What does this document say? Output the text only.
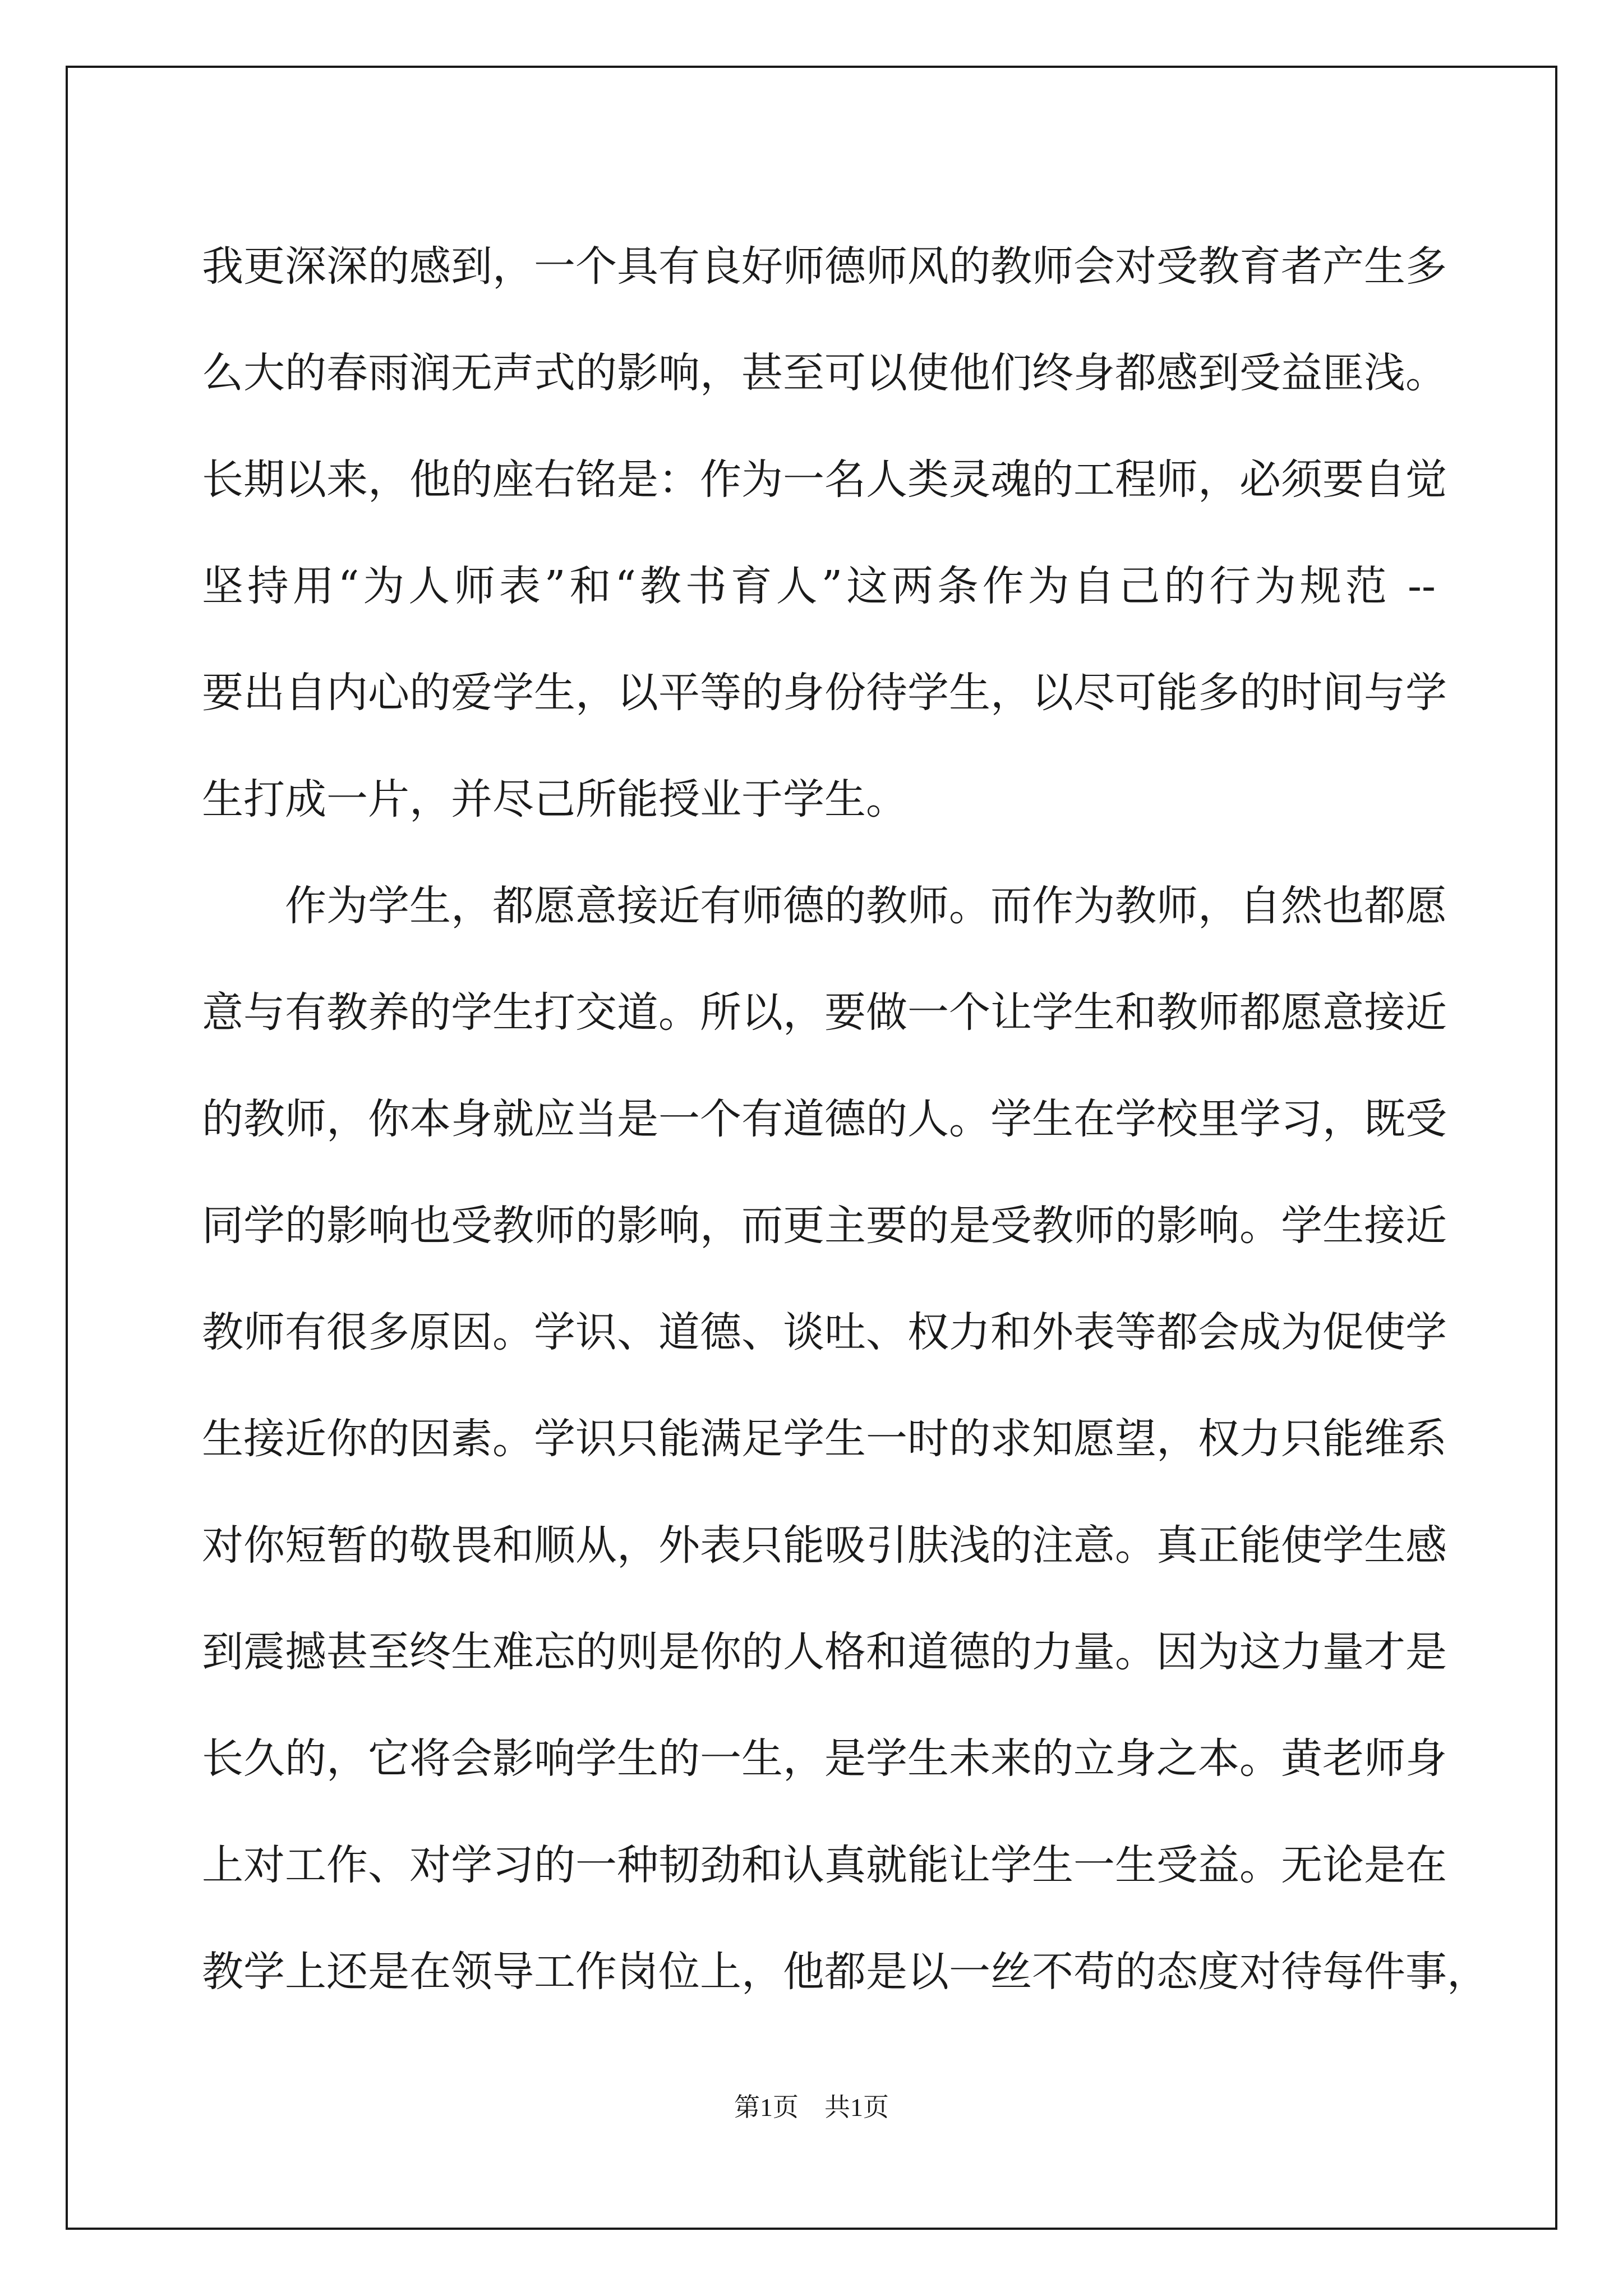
我更深深的感到，一个具有良好师德师风的教师会对受教育者产生多
么大的春雨润无声式的影响，甚至可以使他们终身都感到受益匪浅。
长期以来，他的座右铭是：作为一名人类灵魂的工程师，必须要自觉
坚持用“为人师表”和“教书育人”这两条作为自己的行为规范 --
要出自内心的爱学生，以平等的身份待学生，以尽可能多的时间与学
生打成一片，并尽己所能授业于学生。
　　作为学生，都愿意接近有师德的教师。而作为教师，自然也都愿
意与有教养的学生打交道。所以，要做一个让学生和教师都愿意接近
的教师，你本身就应当是一个有道德的人。学生在学校里学习，既受
同学的影响也受教师的影响，而更主要的是受教师的影响。学生接近
教师有很多原因。学识、道德、谈吐、权力和外表等都会成为促使学
生接近你的因素。学识只能满足学生一时的求知愿望，权力只能维系
对你短暂的敬畏和顺从，外表只能吸引肤浅的注意。真正能使学生感
到震撼甚至终生难忘的则是你的人格和道德的力量。因为这力量才是
长久的，它将会影响学生的一生，是学生未来的立身之本。黄老师身
上对工作、对学习的一种韧劲和认真就能让学生一生受益。无论是在
教学上还是在领导工作岗位上，他都是以一丝不苟的态度对待每件事，
第1页　共1页
